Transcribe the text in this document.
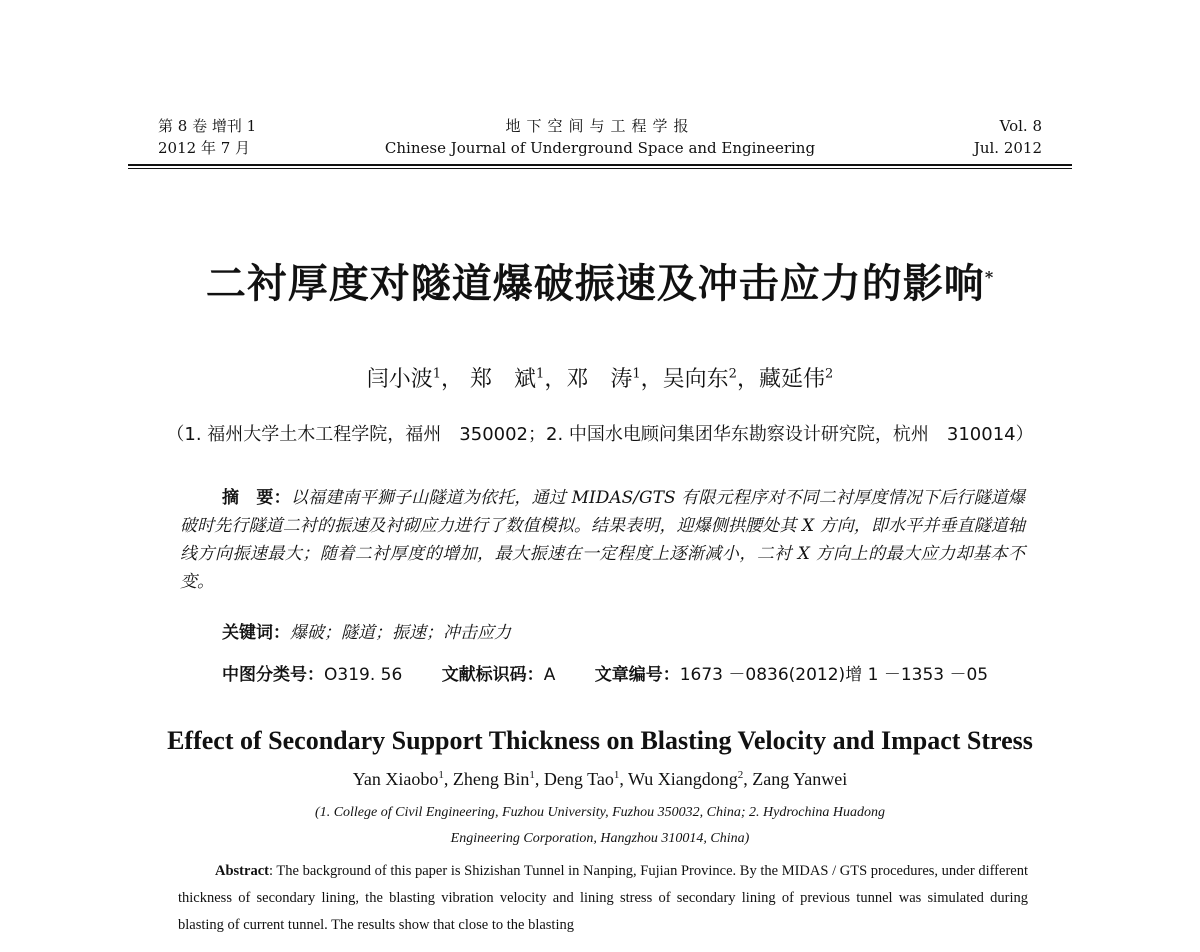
第 8 卷 增刊 1
2012 年 7 月
地下空间与工程学报
Chinese Journal of Underground Space and Engineering
Vol. 8
Jul. 2012
二衬厚度对隧道爆破振速及冲击应力的影响*
闫小波$^1$， 郑　斌$^1$，邓　涛$^1$，吴向东$^2$，藏延伟$^2$
（1. 福州大学土木工程学院，福州　350002；2. 中国水电顾问集团华东勘察设计研究院，杭州　310014）
摘　要：以福建南平狮子山隧道为依托，通过 MIDAS/GTS 有限元程序对不同二衬厚度情况下后行隧道爆破时先行隧道二衬的振速及衬砌应力进行了数值模拟。结果表明，迎爆侧拱腰处其 X 方向，即水平并垂直隧道轴线方向振速最大；随着二衬厚度的增加，最大振速在一定程度上逐渐减小，二衬 X 方向上的最大应力却基本不变。
关键词：爆破；隧道；振速；冲击应力
中图分类号：O319. 56 文献标识码：A 文章编号：1673 －0836(2012)增 1 －1353 －05
Effect of Secondary Support Thickness on Blasting Velocity and Impact Stress
Yan Xiaobo$^1$, Zheng Bin$^1$, Deng Tao$^1$, Wu Xiangdong$^2$, Zang Yanwei
(1. College of Civil Engineering, Fuzhou University, Fuzhou 350032, China; 2. Hydrochina Huadong
Engineering Corporation, Hangzhou 310014, China)
Abstract: The background of this paper is Shizishan Tunnel in Nanping, Fujian Province. By the MIDAS / GTS procedures, under different thickness of secondary lining, the blasting vibration velocity and lining stress of secondary lining of previous tunnel was simulated during blasting of current tunnel. The results show that close to the blasting
